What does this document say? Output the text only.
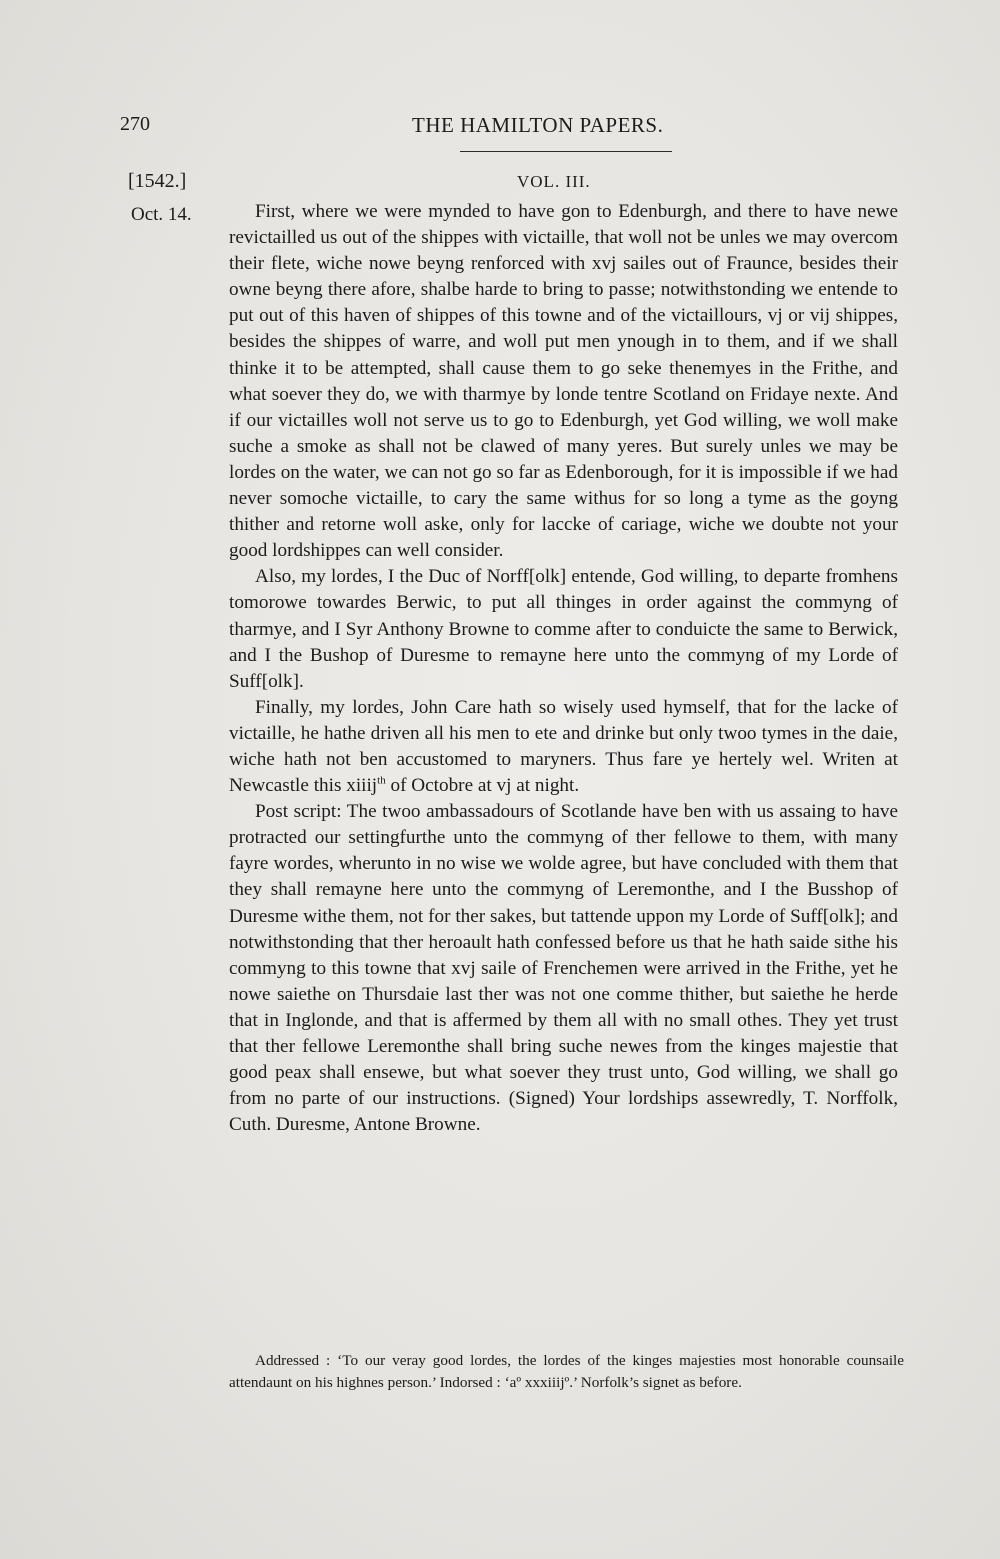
270	THE HAMILTON PAPERS.
[1542.]	VOL. III.
Oct. 14.	First, where we were mynded to have gon to Edenburgh, and there to have newe revictailled us out of the shippes with victaille, that woll not be unles we may overcom their flete, wiche nowe beyng renforced with xvj sailes out of Fraunce, besides their owne beyng there afore, shalbe harde to bring to passe; notwithstonding we entende to put out of this haven of shippes of this towne and of the victaillours, vj or vij shippes, besides the shippes of warre, and woll put men ynough in to them, and if we shall thinke it to be attempted, shall cause them to go seke thenemyes in the Frithe, and what soever they do, we with tharmye by londe tentre Scotland on Fridaye nexte. And if our victailles woll not serve us to go to Edenburgh, yet God willing, we woll make suche a smoke as shall not be clawed of many yeres. But surely unles we may be lordes on the water, we can not go so far as Edenborough, for it is impossible if we had never somoche victaille, to cary the same withus for so long a tyme as the goyng thither and retorne woll aske, only for laccke of cariage, wiche we doubte not your good lordshippes can well consider.

Also, my lordes, I the Duc of Norff[olk] entende, God willing, to departe fromhens tomorowe towardes Berwic, to put all thinges in order against the commyng of tharmye, and I Syr Anthony Browne to comme after to conduicte the same to Berwick, and I the Bushop of Duresme to remayne here unto the commyng of my Lorde of Suff[olk].

Finally, my lordes, John Care hath so wisely used hymself, that for the lacke of victaille, he hathe driven all his men to ete and drinke but only twoo tymes in the daie, wiche hath not ben accustomed to maryners. Thus fare ye hertely wel. Writen at Newcastle this xiiij$^{th}$ of Octobre at vj at night.

Post script: The twoo ambassadours of Scotlande have ben with us assaing to have protracted our settingfurthe unto the commyng of ther fellowe to them, with many fayre wordes, wherunto in no wise we wolde agree, but have concluded with them that they shall remayne here unto the commyng of Leremonthe, and I the Busshop of Duresme withe them, not for ther sakes, but tattende uppon my Lorde of Suff[olk]; and notwithstonding that ther heroault hath confessed before us that he hath saide sithe his commyng to this towne that xvj saile of Frenchemen were arrived in the Frithe, yet he nowe saiethe on Thursdaie last ther was not one comme thither, but saiethe he herde that in Inglonde, and that is affermed by them all with no small othes. They yet trust that ther fellowe Leremonthe shall bring suche newes from the kinges majestie that good peax shall ensewe, but what soever they trust unto, God willing, we shall go from no parte of our instructions. (Signed) Your lordships assewredly, T. Norffolk, Cuth. Duresme, Antone Browne.

Addressed : ‘To our veray good lordes, the lordes of the kinges majesties most honorable counsaile attendaunt on his highnes person.’ Indorsed : ‘aº xxxiiijº.’ Norfolk’s signet as before.
